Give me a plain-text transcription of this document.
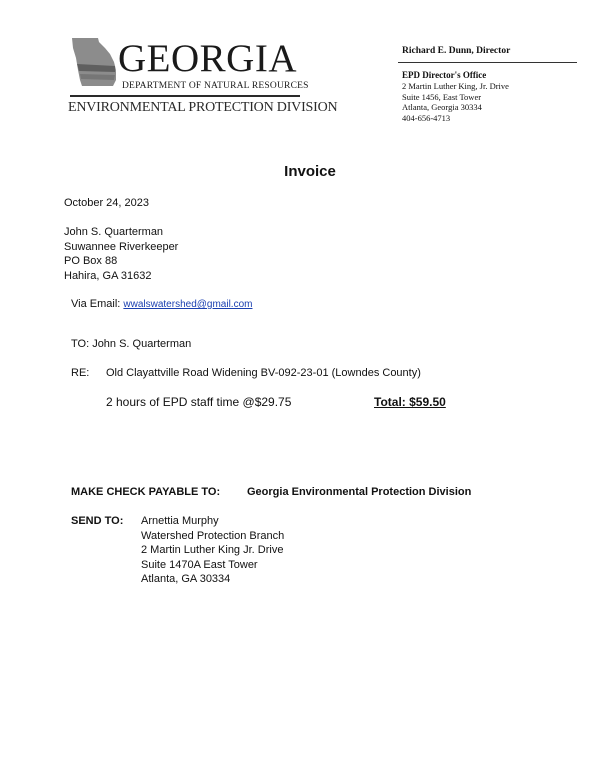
GEORGIA
DEPARTMENT OF NATURAL RESOURCES
ENVIRONMENTAL PROTECTION DIVISION
Richard E. Dunn, Director
EPD Director's Office
2 Martin Luther King, Jr. Drive
Suite 1456, East Tower
Atlanta, Georgia 30334
404-656-4713
Invoice
October 24, 2023
John S. Quarterman
Suwannee Riverkeeper
PO Box 88
Hahira, GA 31632
Via Email: wwalswatershed@gmail.com
TO: John S. Quarterman
RE: Old Clayattville Road Widening BV-092-23-01 (Lowndes County)
2 hours of EPD staff time @$29.75	Total: $59.50
MAKE CHECK PAYABLE TO: Georgia Environmental Protection Division
SEND TO: Arnettia Murphy
Watershed Protection Branch
2 Martin Luther King Jr. Drive
Suite 1470A East Tower
Atlanta, GA 30334
